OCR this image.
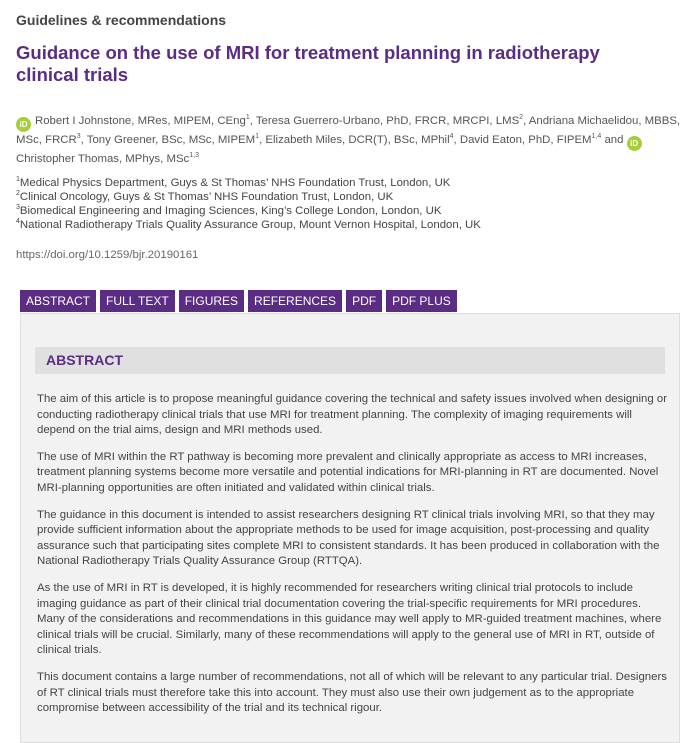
Guidelines & recommendations
Guidance on the use of MRI for treatment planning in radiotherapy clinical trials
iD Robert I Johnstone, MRes, MIPEM, CEng$^1$, Teresa Guerrero-Urbano, PhD, FRCR, MRCPI, LMS$^2$, Andriana Michaelidou, MBBS, MSc, FRCR$^3$, Tony Greener, BSc, MSc, MIPEM$^1$, Elizabeth Miles, DCR(T), BSc, MPhil$^4$, David Eaton, PhD, FIPEM$^{1,4}$ and iDChristopher Thomas, MPhys, MSc$^{1,3}$
$^1$Medical Physics Department, Guys & St Thomas’ NHS Foundation Trust, London, UK
$^2$Clinical Oncology, Guys & St Thomas’ NHS Foundation Trust, London, UK
$^3$Biomedical Engineering and Imaging Sciences, King’s College London, London, UK
$^4$National Radiotherapy Trials Quality Assurance Group, Mount Vernon Hospital, London, UK
https://doi.org/10.1259/bjr.20190161
ABSTRACT	FULL TEXT	FIGURES	REFERENCES	PDF	PDF PLUS
ABSTRACT

The aim of this article is to propose meaningful guidance covering the technical and safety issues involved when designing or conducting radiotherapy clinical trials that use MRI for treatment planning. The complexity of imaging requirements will depend on the trial aims, design and MRI methods used.

The use of MRI within the RT pathway is becoming more prevalent and clinically appropriate as access to MRI increases, treatment planning systems become more versatile and potential indications for MRI-planning in RT are documented. Novel MRI-planning opportunities are often initiated and validated within clinical trials.

The guidance in this document is intended to assist researchers designing RT clinical trials involving MRI, so that they may provide sufficient information about the appropriate methods to be used for image acquisition, post-processing and quality assurance such that participating sites complete MRI to consistent standards. It has been produced in collaboration with the National Radiotherapy Trials Quality Assurance Group (RTTQA).

As the use of MRI in RT is developed, it is highly recommended for researchers writing clinical trial protocols to include imaging guidance as part of their clinical trial documentation covering the trial-specific requirements for MRI procedures. Many of the considerations and recommendations in this guidance may well apply to MR-guided treatment machines, where clinical trials will be crucial. Similarly, many of these recommendations will apply to the general use of MRI in RT, outside of clinical trials.

This document contains a large number of recommendations, not all of which will be relevant to any particular trial. Designers of RT clinical trials must therefore take this into account. They must also use their own judgement as to the appropriate compromise between accessibility of the trial and its technical rigour.
